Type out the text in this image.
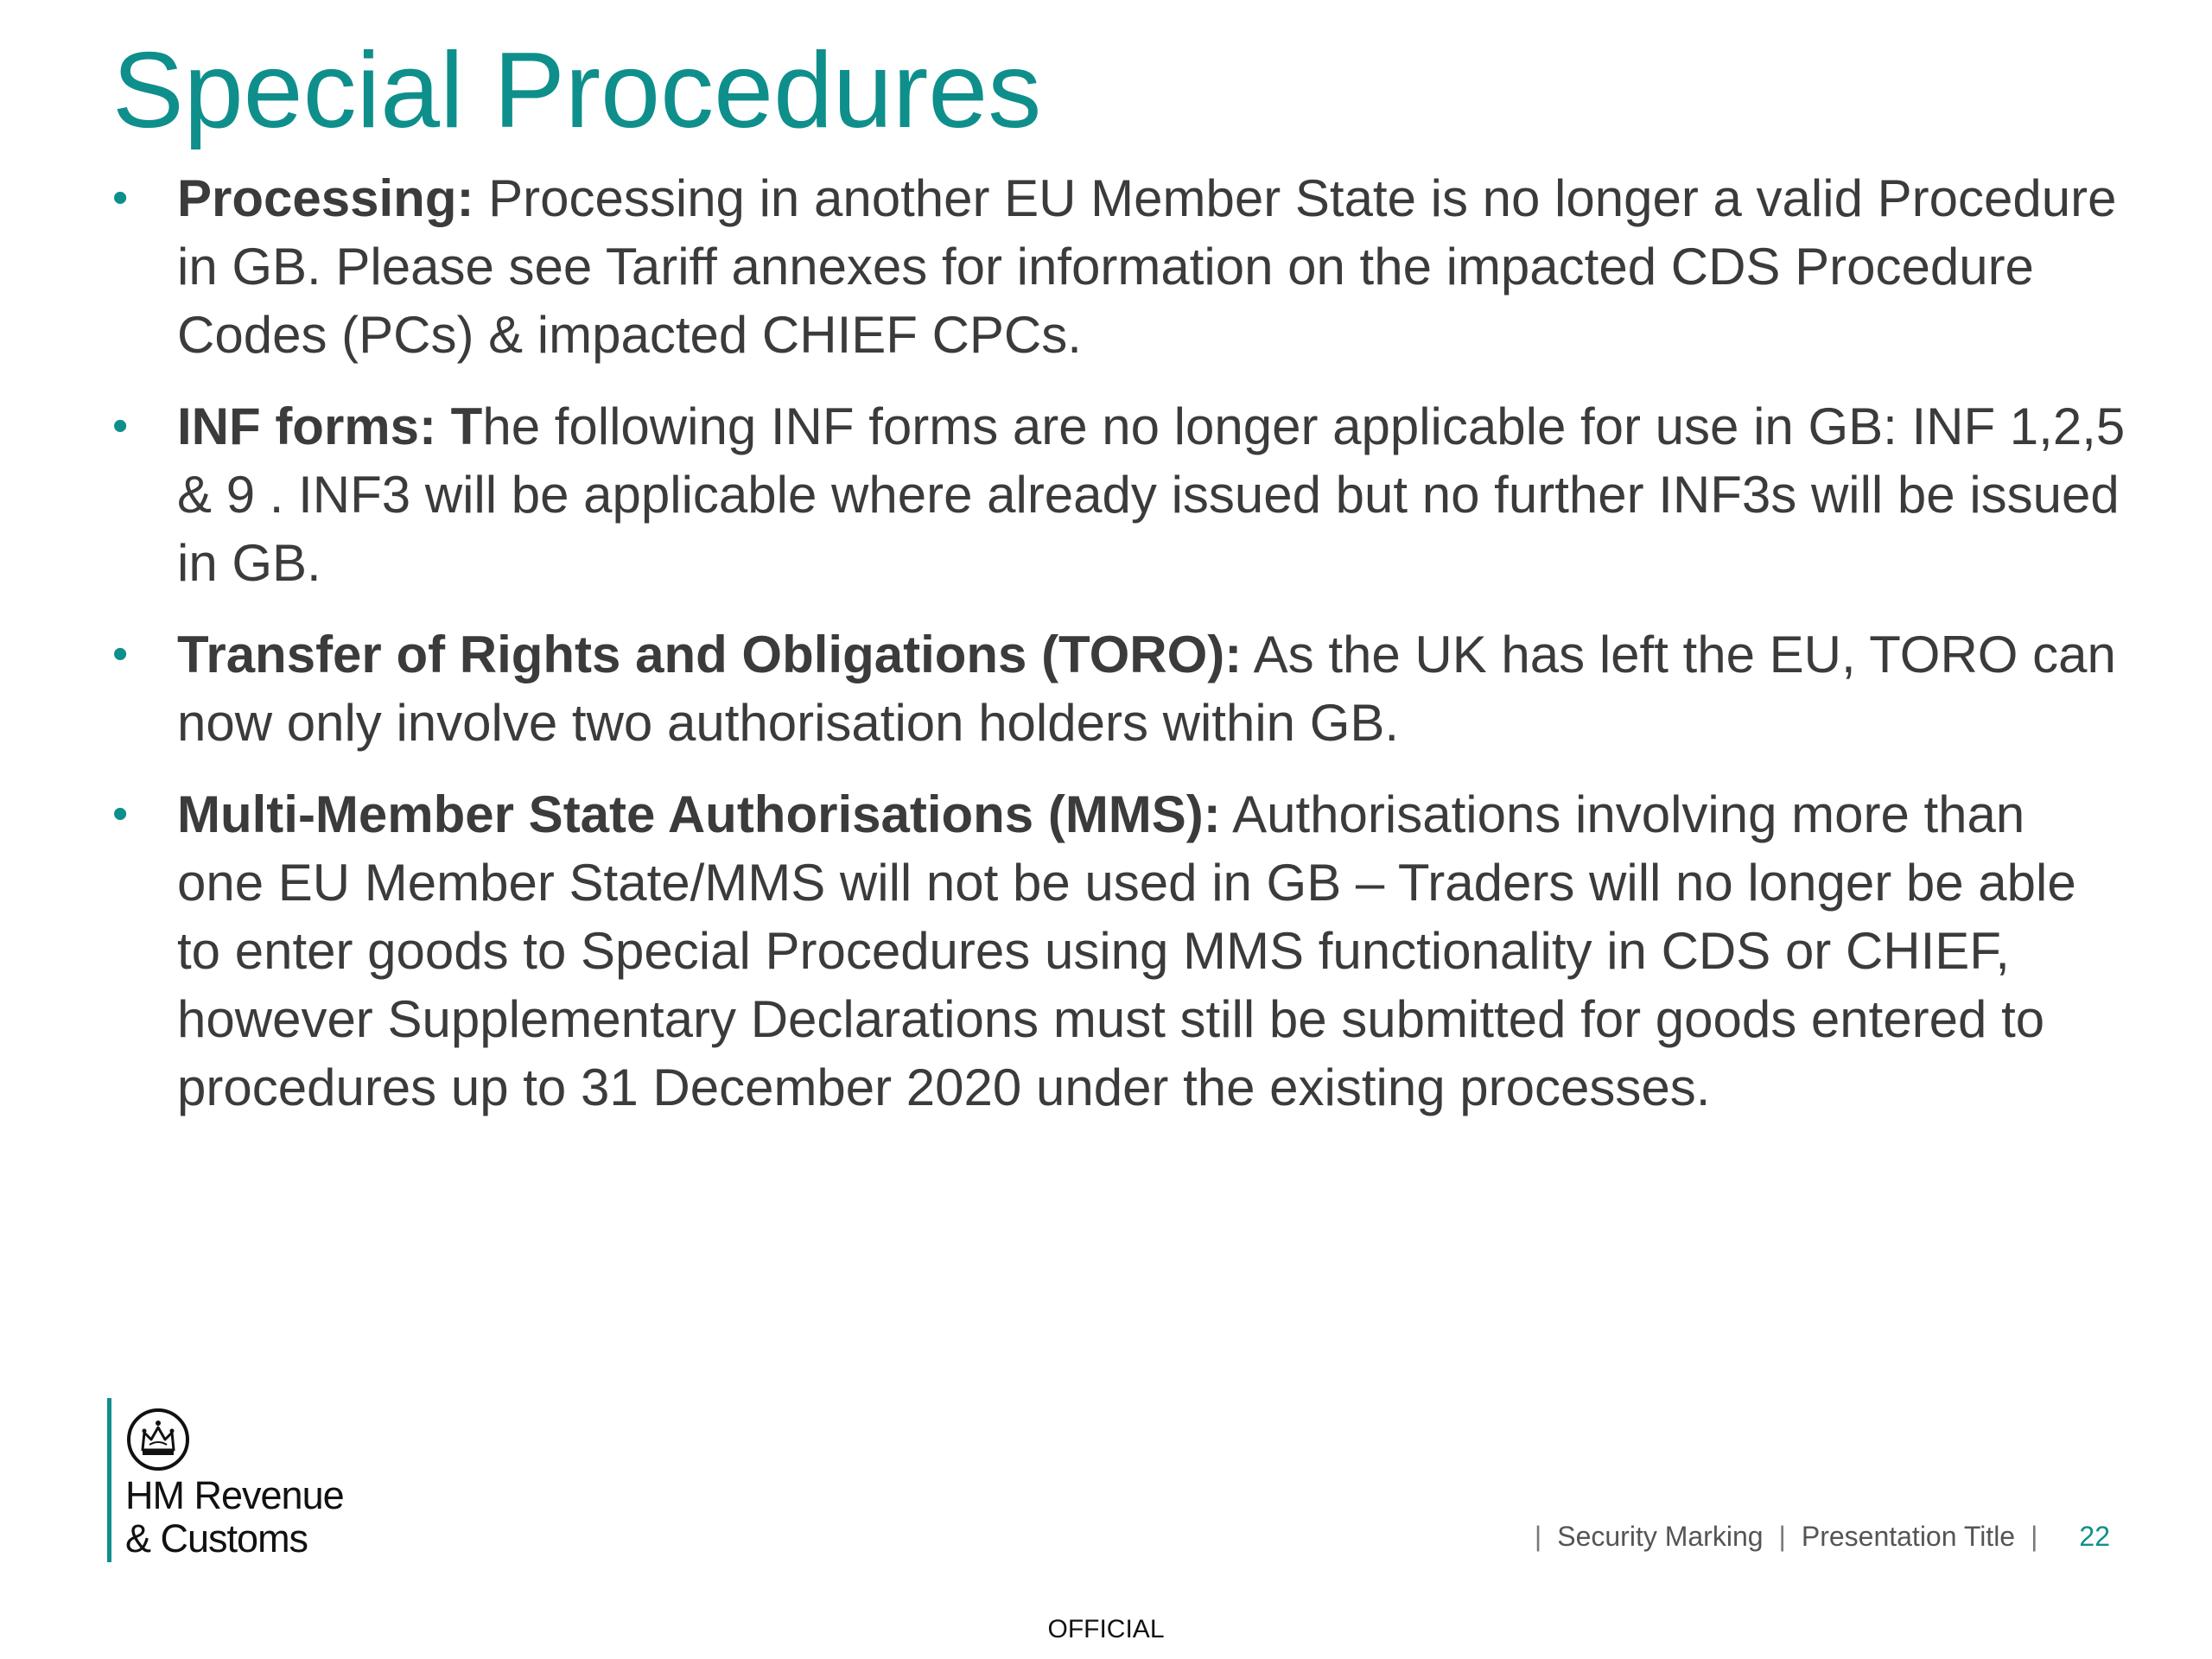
Special Procedures
• Processing: Processing in another EU Member State is no longer a valid Procedure in GB. Please see Tariff annexes for information on the impacted CDS Procedure Codes (PCs) & impacted CHIEF CPCs.
• INF forms: The following INF forms are no longer applicable for use in GB: INF 1,2,5 & 9 . INF3 will be applicable where already issued but no further INF3s will be issued in GB.
• Transfer of Rights and Obligations (TORO): As the UK has left the EU, TORO can now only involve two authorisation holders within GB.
• Multi-Member State Authorisations (MMS): Authorisations involving more than one EU Member State/MMS will not be used in GB – Traders will no longer be able to enter goods to Special Procedures using MMS functionality in CDS or CHIEF, however Supplementary Declarations must still be submitted for goods entered to procedures up to 31 December 2020 under the existing processes.
HM Revenue
& Customs	| Security Marking | Presentation Title | 22
OFFICIAL
